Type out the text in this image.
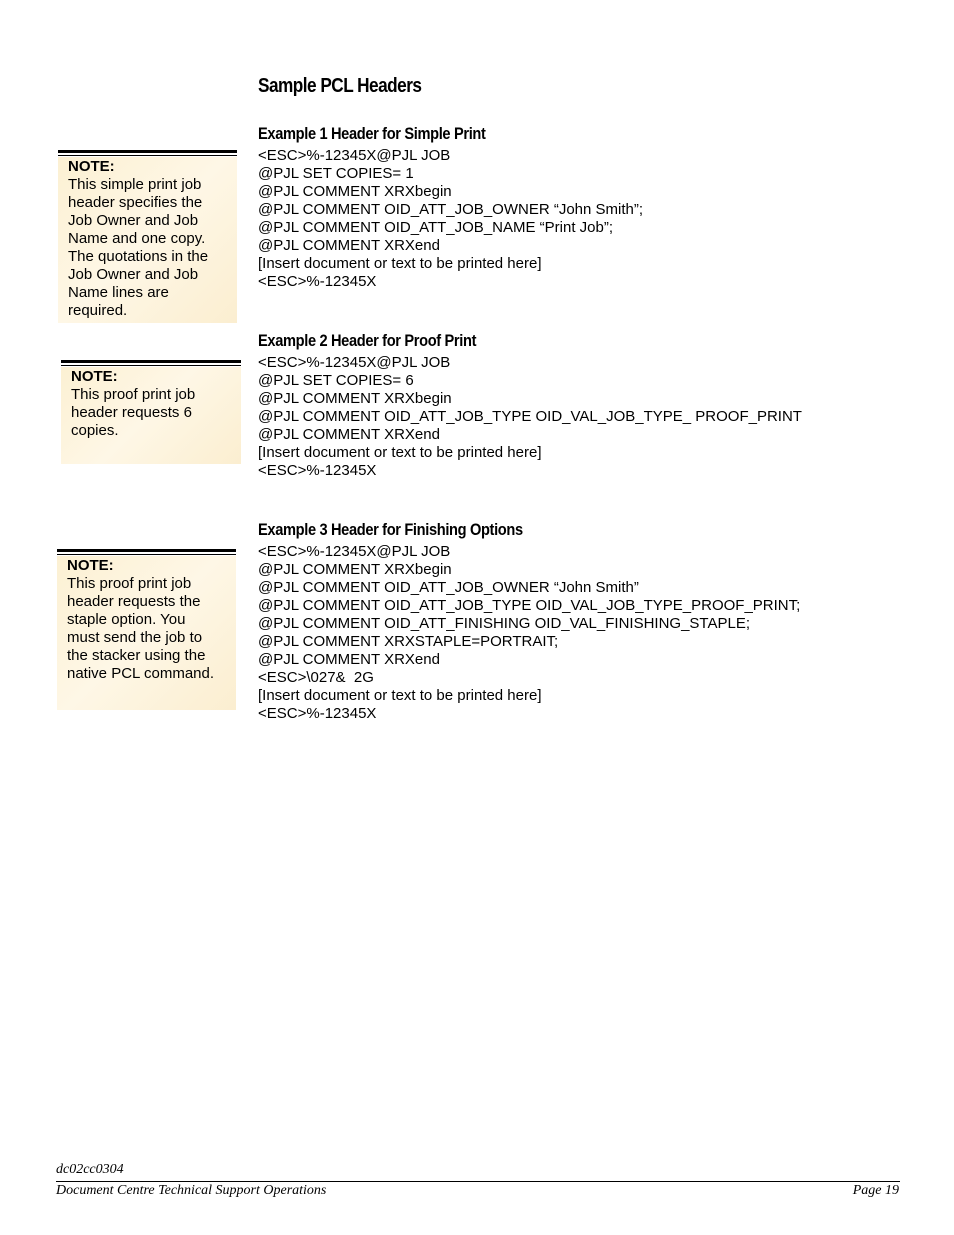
Sample PCL Headers
Example 1 Header for Simple Print
<ESC>%-12345X@PJL JOB
@PJL SET COPIES= 1
@PJL COMMENT XRXbegin
@PJL COMMENT OID_ATT_JOB_OWNER “John Smith”;
@PJL COMMENT OID_ATT_JOB_NAME “Print Job”;
@PJL COMMENT XRXend
[Insert document or text to be printed here]
<ESC>%-12345X
Example 2 Header for Proof Print
<ESC>%-12345X@PJL JOB
@PJL SET COPIES= 6
@PJL COMMENT XRXbegin
@PJL COMMENT OID_ATT_JOB_TYPE OID_VAL_JOB_TYPE_ PROOF_PRINT
@PJL COMMENT XRXend
[Insert document or text to be printed here]
<ESC>%-12345X
Example 3 Header for Finishing Options
<ESC>%-12345X@PJL JOB
@PJL COMMENT XRXbegin
@PJL COMMENT OID_ATT_JOB_OWNER “John Smith”
@PJL COMMENT OID_ATT_JOB_TYPE OID_VAL_JOB_TYPE_PROOF_PRINT;
@PJL COMMENT OID_ATT_FINISHING OID_VAL_FINISHING_STAPLE;
@PJL COMMENT XRXSTAPLE=PORTRAIT;
@PJL COMMENT XRXend
<ESC>\027&  2G
[Insert document or text to be printed here]
<ESC>%-12345X
NOTE:
This simple print job
header specifies the
Job Owner and Job
Name and one copy.
The quotations in the
Job Owner and Job
Name lines are
required.
NOTE:
This proof print job
header requests 6
copies.
NOTE:
This proof print job
header requests the
staple option. You
must send the job to
the stacker using the
native PCL command.
dc02cc0304
Document Centre Technical Support Operations	Page 19
